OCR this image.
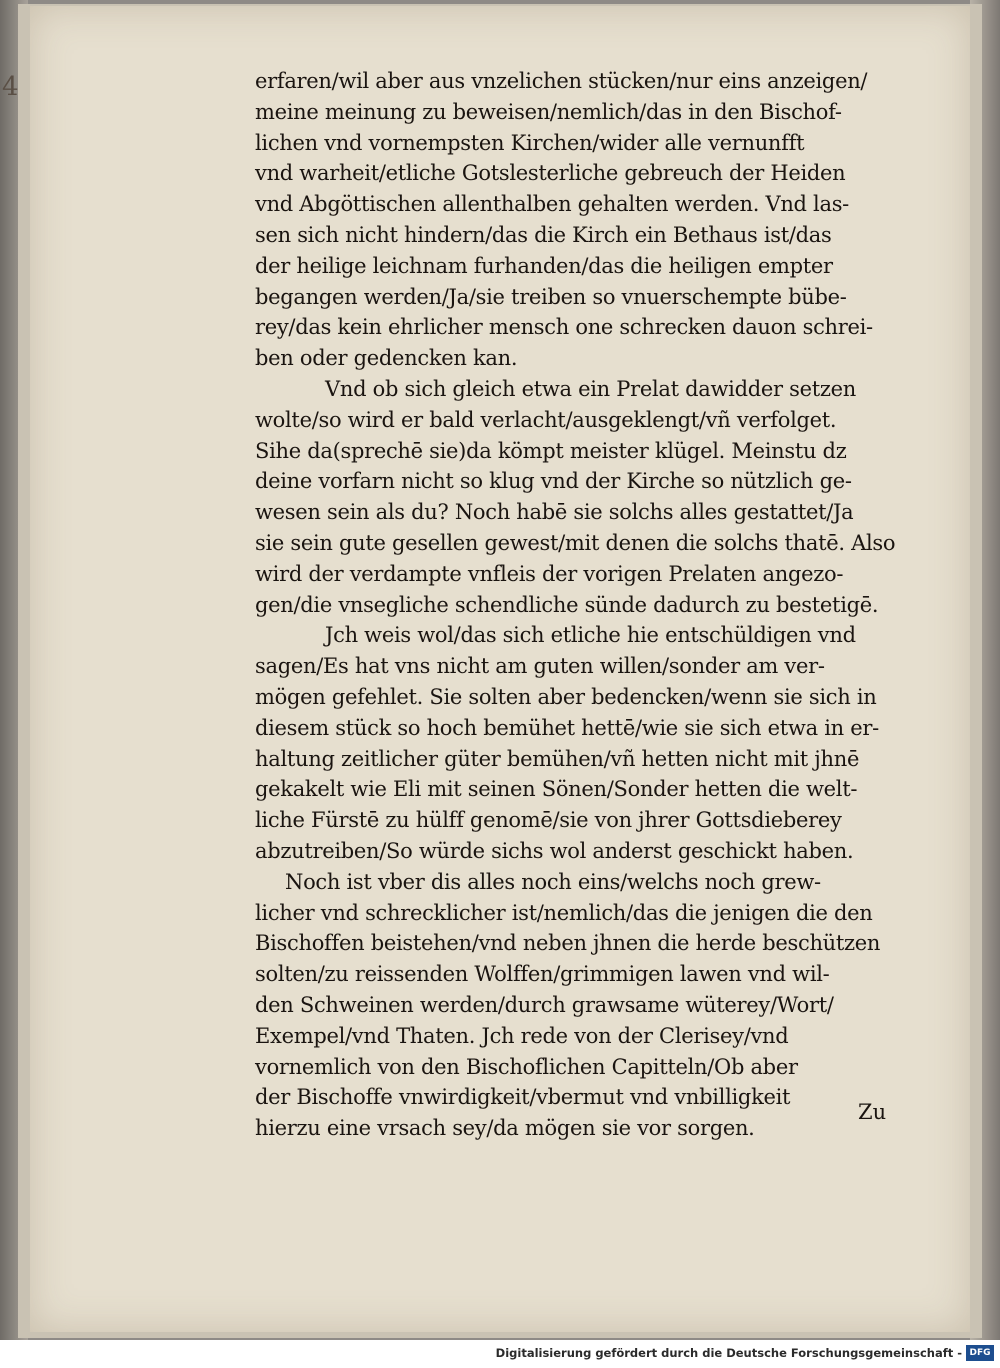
4	erfaren/wil aber aus vnzelichen stücken/nur eins anzeigen/
meine meinung zu beweisen/nemlich/das in den Bischof-
lichen vnd vornempsten Kirchen/wider alle vernunfft
vnd warheit/etliche Gotslesterliche gebreuch der Heiden
vnd Abgöttischen allenthalben gehalten werden. Vnd las-
sen sich nicht hindern/das die Kirch ein Bethaus ist/das
der heilige leichnam furhanden/das die heiligen empter
begangen werden/Ja/sie treiben so vnuerschempte bübe-
rey/das kein ehrlicher mensch one schrecken dauon schrei-
ben oder gedencken kan.
Vnd ob sich gleich etwa ein Prelat dawidder setzen
wolte/so wird er bald verlacht/ausgeklengt/vñ verfolget.
Sihe da(sprechē sie)da kömpt meister klügel. Meinstu dz
deine vorfarn nicht so klug vnd der Kirche so nützlich ge-
wesen sein als du? Noch habē sie solchs alles gestattet/Ja
sie sein gute gesellen gewest/mit denen die solchs thatē. Also
wird der verdampte vnfleis der vorigen Prelaten angezo-
gen/die vnsegliche schendliche sünde dadurch zu bestetigē.
Jch weis wol/das sich etliche hie entschüldigen vnd
sagen/Es hat vns nicht am guten willen/sonder am ver-
mögen gefehlet. Sie solten aber bedencken/wenn sie sich in
diesem stück so hoch bemühet hettē/wie sie sich etwa in er-
haltung zeitlicher güter bemühen/vñ hetten nicht mit jhnē
gekakelt wie Eli mit seinen Sönen/Sonder hetten die welt-
liche Fürstē zu hülff genomē/sie von jhrer Gottsdieberey
abzutreiben/So würde sichs wol anderst geschickt haben.
Noch ist vber dis alles noch eins/welchs noch grew-
licher vnd schrecklicher ist/nemlich/das die jenigen die den
Bischoffen beistehen/vnd neben jhnen die herde beschützen
solten/zu reissenden Wolffen/grimmigen lawen vnd wil-
den Schweinen werden/durch grawsame wüterey/Wort/
Exempel/vnd Thaten. Jch rede von der Clerisey/vnd
vornemlich von den Bischoflichen Capitteln/Ob aber
der Bischoffe vnwirdigkeit/vbermut vnd vnbilligkeit
hierzu eine vrsach sey/da mögen sie vor sorgen.
Zu
Digitalisierung gefördert durch die Deutsche Forschungsgemeinschaft - DFG
